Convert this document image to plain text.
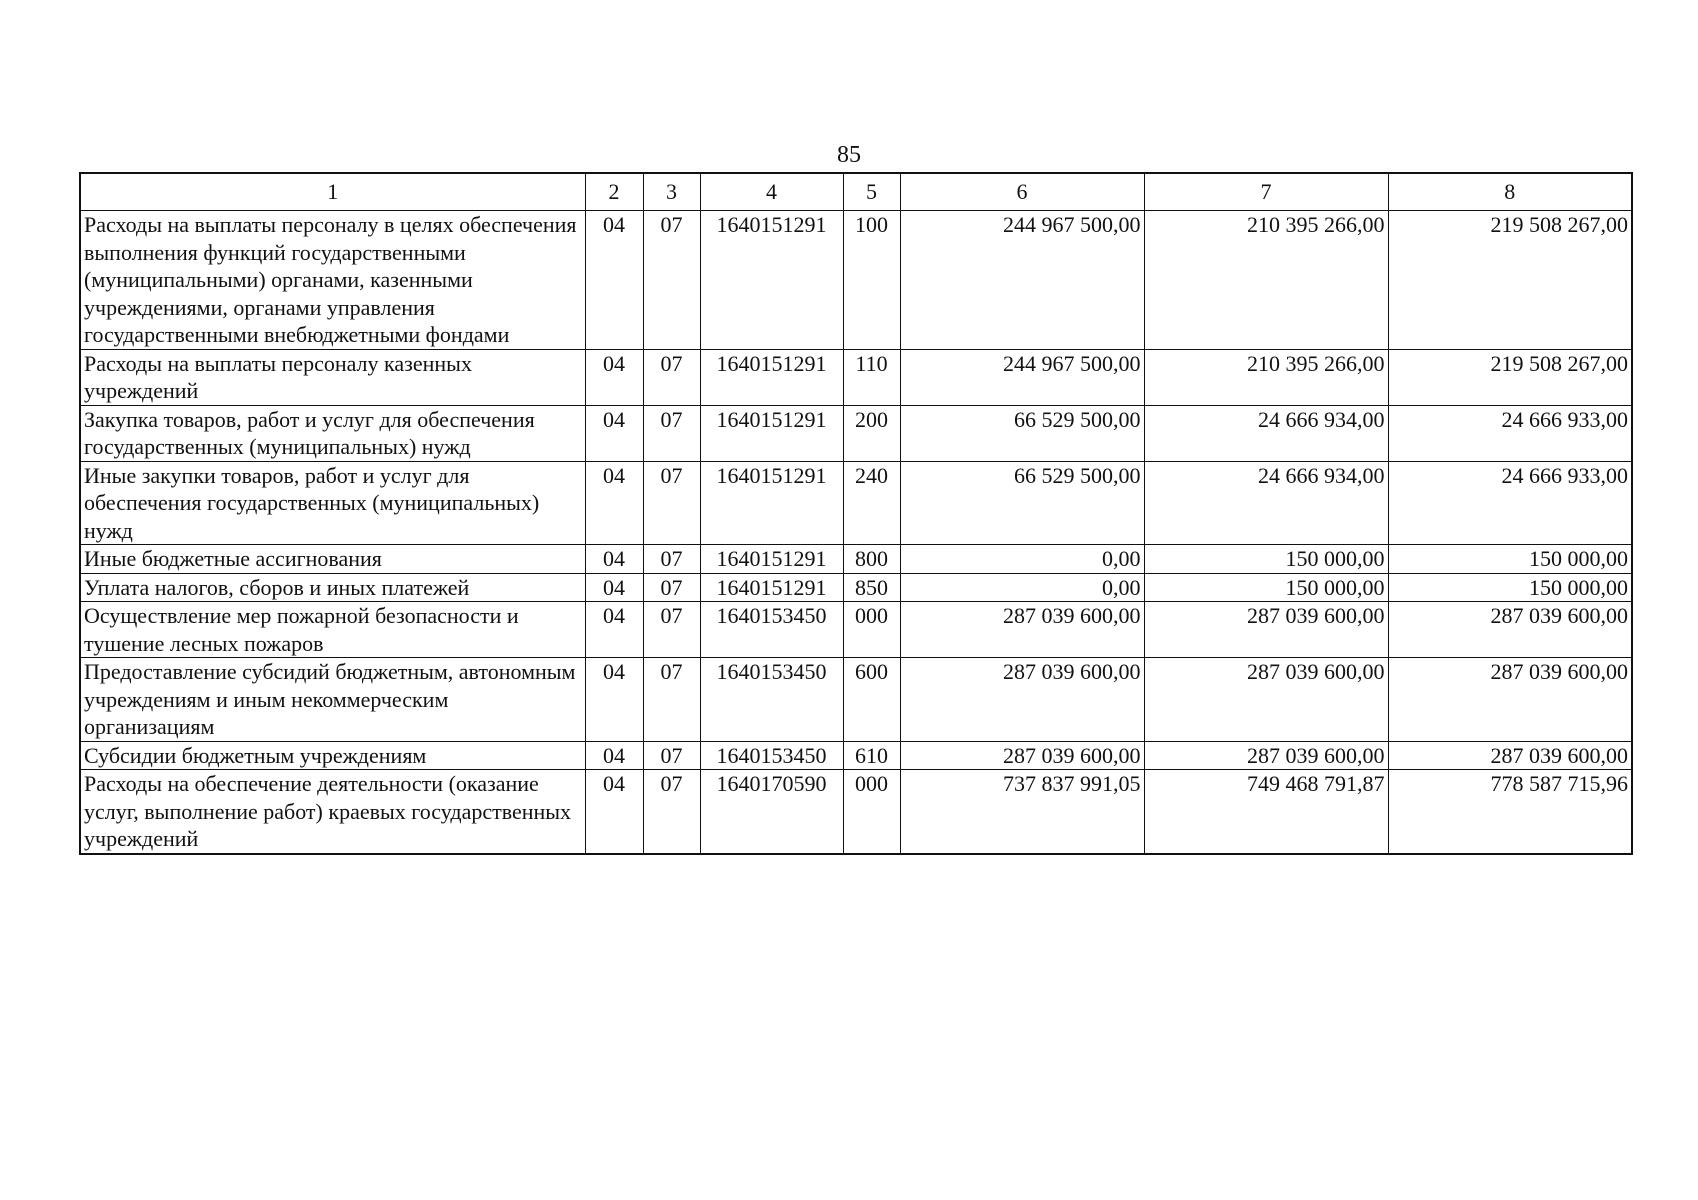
85
1	2	3	4	5	6	7	8
Расходы на выплаты персоналу в целях обеспечения выполнения функций государственными (муниципальными) органами, казенными учреждениями, органами управления государственными внебюджетными фондами	04	07	1640151291	100	244 967 500,00	210 395 266,00	219 508 267,00
Расходы на выплаты персоналу казенных учреждений	04	07	1640151291	110	244 967 500,00	210 395 266,00	219 508 267,00
Закупка товаров, работ и услуг для обеспечения государственных (муниципальных) нужд	04	07	1640151291	200	66 529 500,00	24 666 934,00	24 666 933,00
Иные закупки товаров, работ и услуг для обеспечения государственных (муниципальных) нужд	04	07	1640151291	240	66 529 500,00	24 666 934,00	24 666 933,00
Иные бюджетные ассигнования	04	07	1640151291	800	0,00	150 000,00	150 000,00
Уплата налогов, сборов и иных платежей	04	07	1640151291	850	0,00	150 000,00	150 000,00
Осуществление мер пожарной безопасности и тушение лесных пожаров	04	07	1640153450	000	287 039 600,00	287 039 600,00	287 039 600,00
Предоставление субсидий бюджетным, автономным учреждениям и иным некоммерческим организациям	04	07	1640153450	600	287 039 600,00	287 039 600,00	287 039 600,00
Субсидии бюджетным учреждениям	04	07	1640153450	610	287 039 600,00	287 039 600,00	287 039 600,00
Расходы на обеспечение деятельности (оказание услуг, выполнение работ) краевых государственных учреждений	04	07	1640170590	000	737 837 991,05	749 468 791,87	778 587 715,96
